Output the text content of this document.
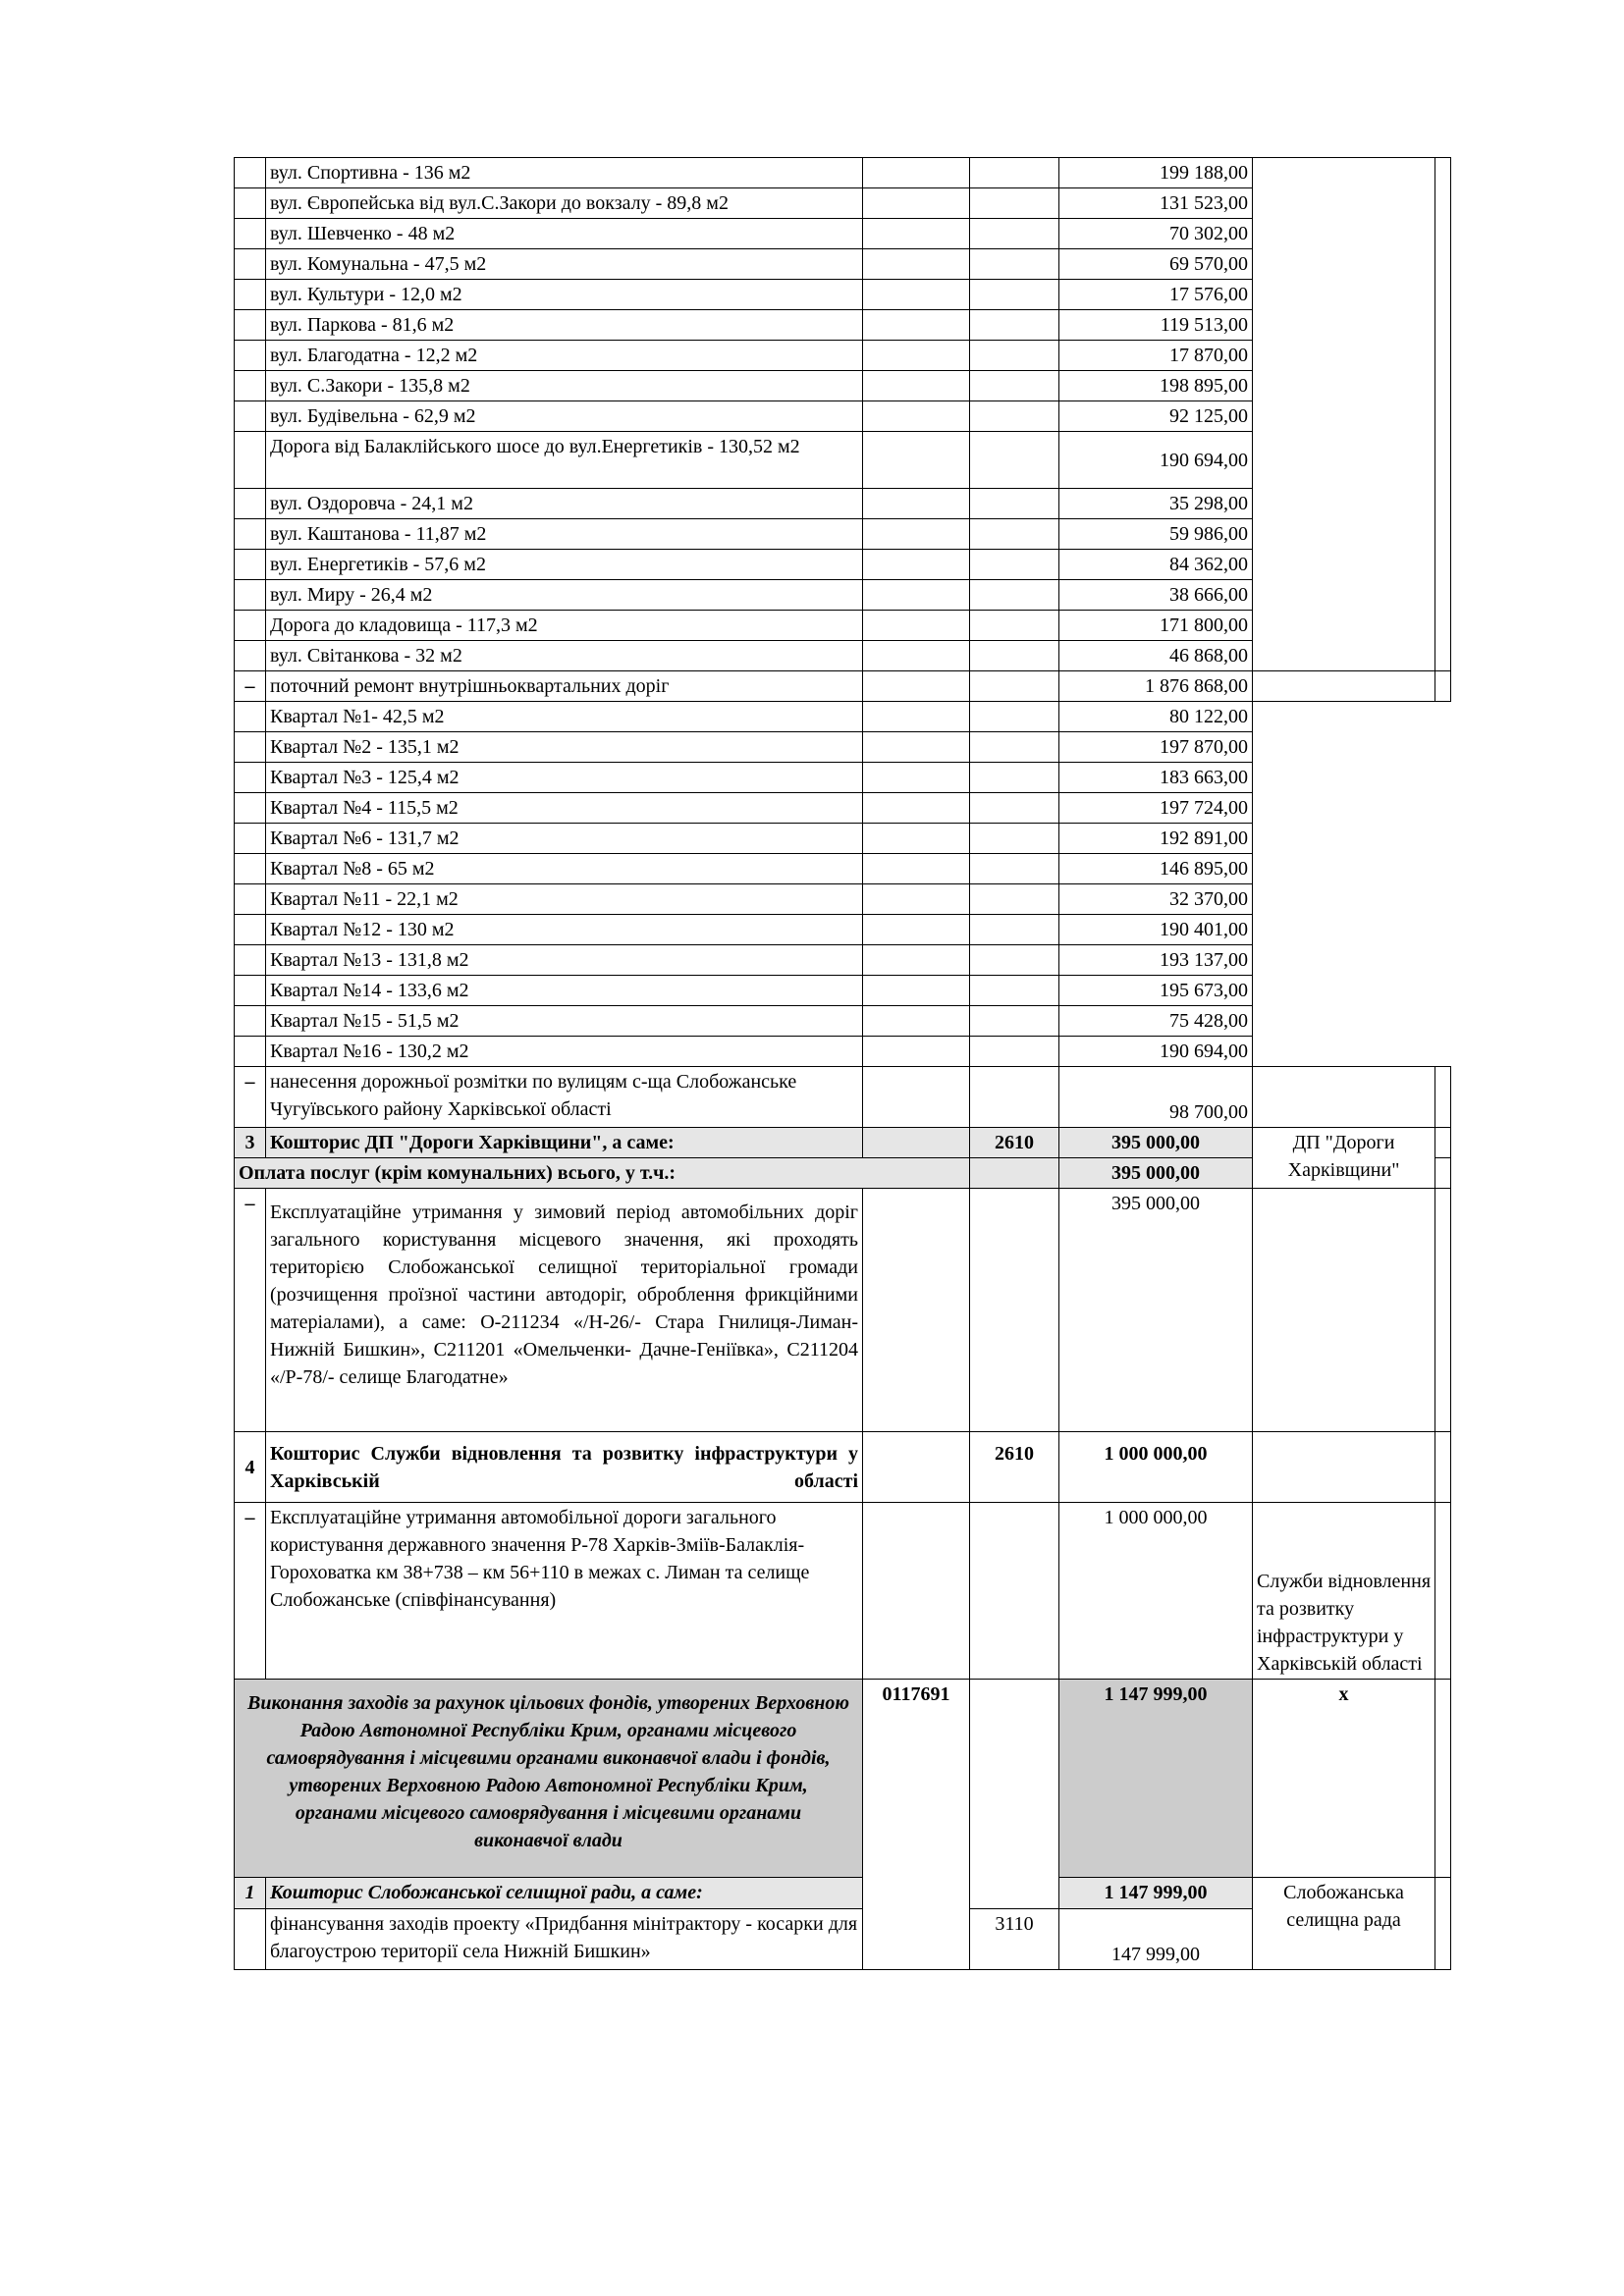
	вул. Спортивна - 136 м2			199 188,00		
	вул. Європейська від вул.С.Закори до вокзалу - 89,8 м2			131 523,00		
	вул. Шевченко - 48 м2			70 302,00		
	вул. Комунальна - 47,5 м2			69 570,00		
	вул. Культури - 12,0 м2			17 576,00		
	вул. Паркова - 81,6 м2			119 513,00		
	вул. Благодатна - 12,2 м2			17 870,00		
	вул. С.Закори - 135,8 м2			198 895,00		
	вул. Будівельна - 62,9 м2			92 125,00		
	Дорога від Балаклійського шосе до вул.Енергетиків - 130,52 м2			190 694,00		
	вул. Оздоровча - 24,1 м2			35 298,00		
	вул. Каштанова - 11,87 м2			59 986,00		
	вул. Енергетиків - 57,6 м2			84 362,00		
	вул. Миру - 26,4 м2			38 666,00		
	Дорога до кладовища - 117,3 м2			171 800,00		
	вул. Світанкова - 32 м2			46 868,00		
–	поточний ремонт внутрішньоквартальних доріг			1 876 868,00		
	Квартал №1- 42,5 м2			80 122,00		
	Квартал №2 - 135,1 м2			197 870,00		
	Квартал №3 - 125,4 м2			183 663,00		
	Квартал №4 - 115,5 м2			197 724,00		
	Квартал №6 - 131,7 м2			192 891,00		
	Квартал №8 - 65 м2			146 895,00		
	Квартал №11 - 22,1 м2			32 370,00		
	Квартал №12 - 130 м2			190 401,00		
	Квартал №13 - 131,8 м2			193 137,00		
	Квартал №14 - 133,6 м2			195 673,00		
	Квартал №15 - 51,5 м2			75 428,00		
	Квартал №16 - 130,2 м2			190 694,00		
–	нанесення дорожньої розмітки по вулицям с-ща Слобожанське Чугуївського району Харківської області			98 700,00		
3	Кошторис ДП "Дороги Харківщини", а саме:		2610	395 000,00	ДП "Дороги Харківщини"	
Оплата послуг (крім комунальних) всього, у т.ч.:				395 000,00		
–	Експлуатаційне утримання у зимовий період автомобільних доріг загального користування місцевого значення, які проходять територією Слобожанської селищної територіальної громади (розчищення проїзної частини автодоріг, оброблення фрикційними матеріалами), а саме: О-211234 «/Н-26/- Стара Гнилиця-Лиман-Нижній Бишкин», С211201 «Омельченки- Дачне-Геніївка», С211204 «/Р-78/- селище Благодатне»			395 000,00		
4	Кошторис Служби відновлення та розвитку інфраструктури у Харківській області		2610	1 000 000,00		
–	Експлуатаційне утримання автомобільної дороги загального користування державного значення Р-78 Харків-Зміїв-Балаклія-Гороховатка км 38+738 – км 56+110 в межах с. Лиман та селище Слобожанське (співфінансування)			1 000 000,00	Служби відновлення та розвитку інфраструктури у Харківській області	
Виконання заходів за рахунок цільових фондів, утворених Верховною Радою Автономної Республіки Крим, органами місцевого самоврядування і місцевими органами виконавчої влади і фондів, утворених Верховною Радою Автономної Республіки Крим, органами місцевого самоврядування і місцевими органами виконавчої влади		0117691		1 147 999,00	х	
1	Кошторис Слобожанської селищної ради, а саме:			1 147 999,00	Слобожанська селищна рада	
	фінансування заходів проекту «Придбання мінітрактору - косарки для благоустрою території села Нижній Бишкин»		3110	147 999,00		
